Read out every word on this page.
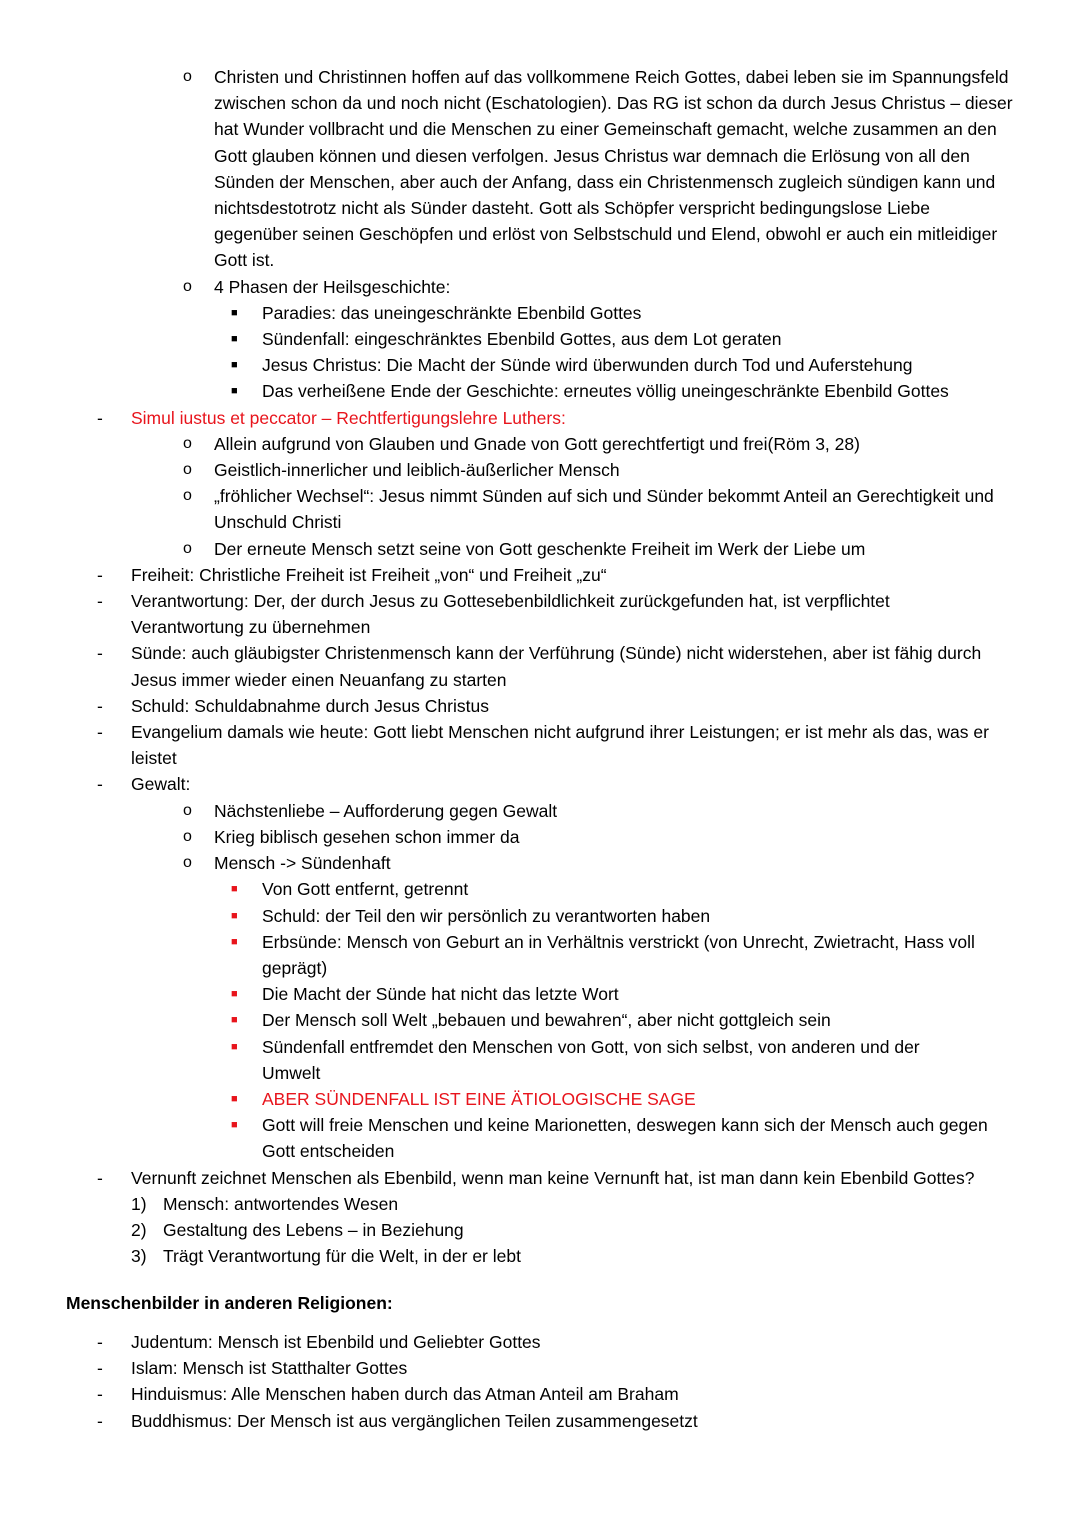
o Christen und Christinnen hoffen auf das vollkommene Reich Gottes, dabei leben sie im Spannungsfeld zwischen schon da und noch nicht (Eschatologien). Das RG ist schon da durch Jesus Christus – dieser hat Wunder vollbracht und die Menschen zu einer Gemeinschaft gemacht, welche zusammen an den Gott glauben können und diesen verfolgen. Jesus Christus war demnach die Erlösung von all den Sünden der Menschen, aber auch der Anfang, dass ein Christenmensch zugleich sündigen kann und nichtsdestotrotz nicht als Sünder dasteht. Gott als Schöpfer verspricht bedingungslose Liebe gegenüber seinen Geschöpfen und erlöst von Selbstschuld und Elend, obwohl er auch ein mitleidiger Gott ist.
o 4 Phasen der Heilsgeschichte:
■ Paradies: das uneingeschränkte Ebenbild Gottes
■ Sündenfall: eingeschränktes Ebenbild Gottes, aus dem Lot geraten
■ Jesus Christus: Die Macht der Sünde wird überwunden durch Tod und Auferstehung
■ Das verheißene Ende der Geschichte: erneutes völlig uneingeschränkte Ebenbild Gottes
- Simul iustus et peccator – Rechtfertigungslehre Luthers:
o Allein aufgrund von Glauben und Gnade von Gott gerechtfertigt und frei(Röm 3, 28)
o Geistlich-innerlicher und leiblich-äußerlicher Mensch
o „fröhlicher Wechsel“: Jesus nimmt Sünden auf sich und Sünder bekommt Anteil an Gerechtigkeit und Unschuld Christi
o Der erneute Mensch setzt seine von Gott geschenkte Freiheit im Werk der Liebe um
- Freiheit: Christliche Freiheit ist Freiheit „von“ und Freiheit „zu“
- Verantwortung: Der, der durch Jesus zu Gottesebenbildlichkeit zurückgefunden hat, ist verpflichtet Verantwortung zu übernehmen
- Sünde: auch gläubigster Christenmensch kann der Verführung (Sünde) nicht widerstehen, aber ist fähig durch Jesus immer wieder einen Neuanfang zu starten
- Schuld: Schuldabnahme durch Jesus Christus
- Evangelium damals wie heute: Gott liebt Menschen nicht aufgrund ihrer Leistungen; er ist mehr als das, was er leistet
- Gewalt:
o Nächstenliebe – Aufforderung gegen Gewalt
o Krieg biblisch gesehen schon immer da
o Mensch -> Sündenhaft
■ Von Gott entfernt, getrennt
■ Schuld: der Teil den wir persönlich zu verantworten haben
■ Erbsünde: Mensch von Geburt an in Verhältnis verstrickt (von Unrecht, Zwietracht, Hass voll geprägt)
■ Die Macht der Sünde hat nicht das letzte Wort
■ Der Mensch soll Welt „bebauen und bewahren“, aber nicht gottgleich sein
■ Sündenfall entfremdet den Menschen von Gott, von sich selbst, von anderen und der Umwelt
■ ABER SÜNDENFALL IST EINE ÄTIOLOGISCHE SAGE
■ Gott will freie Menschen und keine Marionetten, deswegen kann sich der Mensch auch gegen Gott entscheiden
- Vernunft zeichnet Menschen als Ebenbild, wenn man keine Vernunft hat, ist man dann kein Ebenbild Gottes?
1) Mensch: antwortendes Wesen
2) Gestaltung des Lebens – in Beziehung
3) Trägt Verantwortung für die Welt, in der er lebt
Menschenbilder in anderen Religionen:
- Judentum: Mensch ist Ebenbild und Geliebter Gottes
- Islam: Mensch ist Statthalter Gottes
- Hinduismus: Alle Menschen haben durch das Atman Anteil am Braham
- Buddhismus: Der Mensch ist aus vergänglichen Teilen zusammengesetzt
